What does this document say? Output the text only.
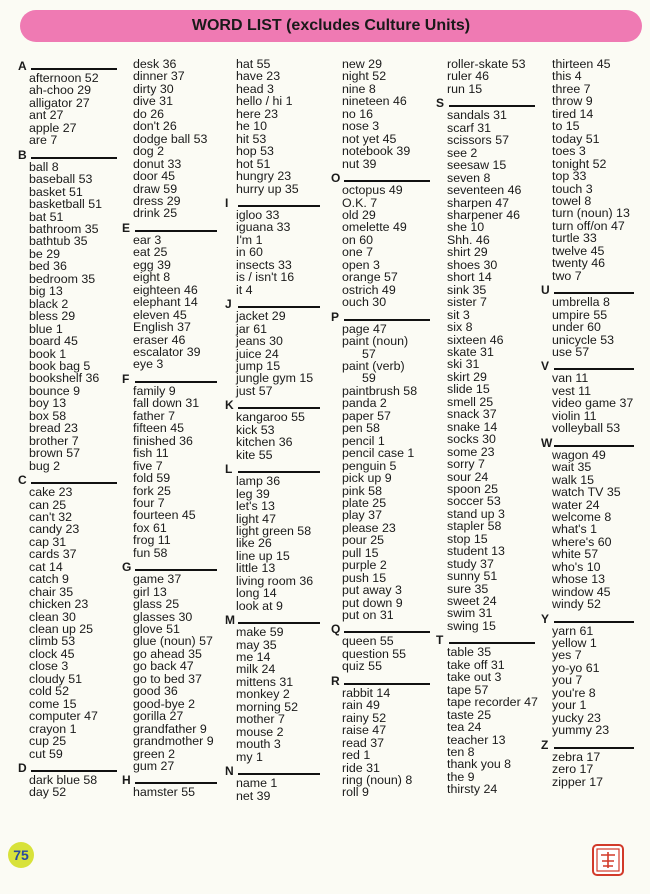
WORD LIST (excludes Culture Units)
A
afternoon 52
ah-choo 29
alligator 27
ant 27
apple 27
are 7
B
ball 8
baseball 53
basket 51
basketball 51
bat 51
bathroom 35
bathtub 35
be 29
bed 36
bedroom 35
big 13
black 2
bless 29
blue 1
board 45
book 1
book bag 5
bookshelf 36
bounce 9
boy 13
box 58
bread 23
brother 7
brown 57
bug 2
C
cake 23
can 25
can't 32
candy 23
cap 31
cards 37
cat 14
catch 9
chair 35
chicken 23
clean 30
clean up 25
climb 53
clock 45
close 3
cloudy 51
cold 52
come 15
computer 47
crayon 1
cup 25
cut 59
D
dark blue 58
day 52
desk 36
dinner 37
dirty 30
dive 31
do 26
don't 26
dodge ball 53
dog 2
donut 33
door 45
draw 59
dress 29
drink 25
E
ear 3
eat 25
egg 39
eight 8
eighteen 46
elephant 14
eleven 45
English 37
eraser 46
escalator 39
eye 3
F
family 9
fall down 31
father 7
fifteen 45
finished 36
fish 11
five 7
fold 59
fork 25
four 7
fourteen 45
fox 61
frog 11
fun 58
G
game 37
girl 13
glass 25
glasses 30
glove 51
glue (noun) 57
go ahead 35
go back 47
go to bed 37
good 36
good-bye 2
gorilla 27
grandfather 9
grandmother 9
green 2
gum 27
H
hamster 55
hat 55
have 23
head 3
hello / hi 1
here 23
he 10
hit 53
hop 53
hot 51
hungry 23
hurry up 35
I
igloo 33
iguana 33
I'm 1
in 60
insects 33
is / isn't 16
it 4
J
jacket 29
jar 61
jeans 30
juice 24
jump 15
jungle gym 15
just 57
K
kangaroo 55
kick 53
kitchen 36
kite 55
L
lamp 36
leg 39
let's 13
light 47
light green 58
like 26
line up 15
little 13
living room 36
long 14
look at 9
M
make 59
may 35
me 14
milk 24
mittens 31
monkey 2
morning 52
mother 7
mouse 2
mouth 3
my 1
N
name 1
net 39
new 29
night 52
nine 8
nineteen 46
no 16
nose 3
not yet 45
notebook 39
nut 39
O
octopus 49
O.K. 7
old 29
omelette 49
on 60
one 7
open 3
orange 57
ostrich 49
ouch 30
P
page 47
paint (noun)
57
paint (verb)
59
paintbrush 58
panda 2
paper 57
pen 58
pencil 1
pencil case 1
penguin 5
pick up 9
pink 58
plate 25
play 37
please 23
pour 25
pull 15
purple 2
push 15
put away 3
put down 9
put on 31
Q
queen 55
question 55
quiz 55
R
rabbit 14
rain 49
rainy 52
raise 47
read 37
red 1
ride 31
ring (noun) 8
roll 9
roller-skate 53
ruler 46
run 15
S
sandals 31
scarf 31
scissors 57
see 2
seesaw 15
seven 8
seventeen 46
sharpen 47
sharpener 46
she 10
Shh. 46
shirt 29
shoes 30
short 14
sink 35
sister 7
sit 3
six 8
sixteen 46
skate 31
ski 31
skirt 29
slide 15
smell 25
snack 37
snake 14
socks 30
some 23
sorry 7
sour 24
spoon 25
soccer 53
stand up 3
stapler 58
stop 15
student 13
study 37
sunny 51
sure 35
sweet 24
swim 31
swing 15
T
table 35
take off 31
take out 3
tape 57
tape recorder 47
taste 25
tea 24
teacher 13
ten 8
thank you 8
the 9
thirsty 24
thirteen 45
this 4
three 7
throw 9
tired 14
to 15
today 51
toes 3
tonight 52
top 33
touch 3
towel 8
turn (noun) 13
turn off/on 47
turtle 33
twelve 45
twenty 46
two 7
U
umbrella 8
umpire 55
under 60
unicycle 53
use 57
V
van 11
vest 11
video game 37
violin 11
volleyball 53
W
wagon 49
wait 35
walk 15
watch TV 35
water 24
welcome 8
what's 1
where's 60
white 57
who's 10
whose 13
window 45
windy 52
Y
yarn 61
yellow 1
yes 7
yo-yo 61
you 7
you're 8
your 1
yucky 23
yummy 23
Z
zebra 17
zero 17
zipper 17
75
